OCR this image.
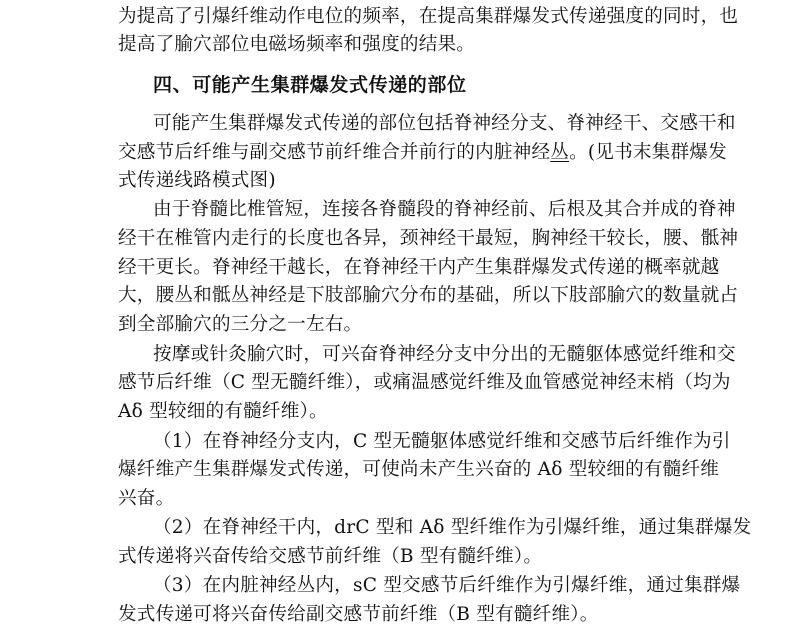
为提高了引爆纤维动作电位的频率，在提高集群爆发式传递强度的同时，也
提高了腧穴部位电磁场频率和强度的结果。
四、可能产生集群爆发式传递的部位
可能产生集群爆发式传递的部位包括脊神经分支、脊神经干、交感干和
交感节后纤维与副交感节前纤维合并前行的内脏神经丛。(见书末集群爆发
式传递线路模式图)
由于脊髓比椎管短，连接各脊髓段的脊神经前、后根及其合并成的脊神
经干在椎管内走行的长度也各异，颈神经干最短，胸神经干较长，腰、骶神
经干更长。脊神经干越长，在脊神经干内产生集群爆发式传递的概率就越
大，腰丛和骶丛神经是下肢部腧穴分布的基础，所以下肢部腧穴的数量就占
到全部腧穴的三分之一左右。
按摩或针灸腧穴时，可兴奋脊神经分支中分出的无髓躯体感觉纤维和交
感节后纤维（C 型无髓纤维），或痛温感觉纤维及血管感觉神经末梢（均为
Aδ 型较细的有髓纤维）。
（1）在脊神经分支内，C 型无髓躯体感觉纤维和交感节后纤维作为引
爆纤维产生集群爆发式传递，可使尚未产生兴奋的 Aδ 型较细的有髓纤维
兴奋。
（2）在脊神经干内，drC 型和 Aδ 型纤维作为引爆纤维，通过集群爆发
式传递将兴奋传给交感节前纤维（B 型有髓纤维）。
（3）在内脏神经丛内，sC 型交感节后纤维作为引爆纤维，通过集群爆
发式传递可将兴奋传给副交感节前纤维（B 型有髓纤维）。
